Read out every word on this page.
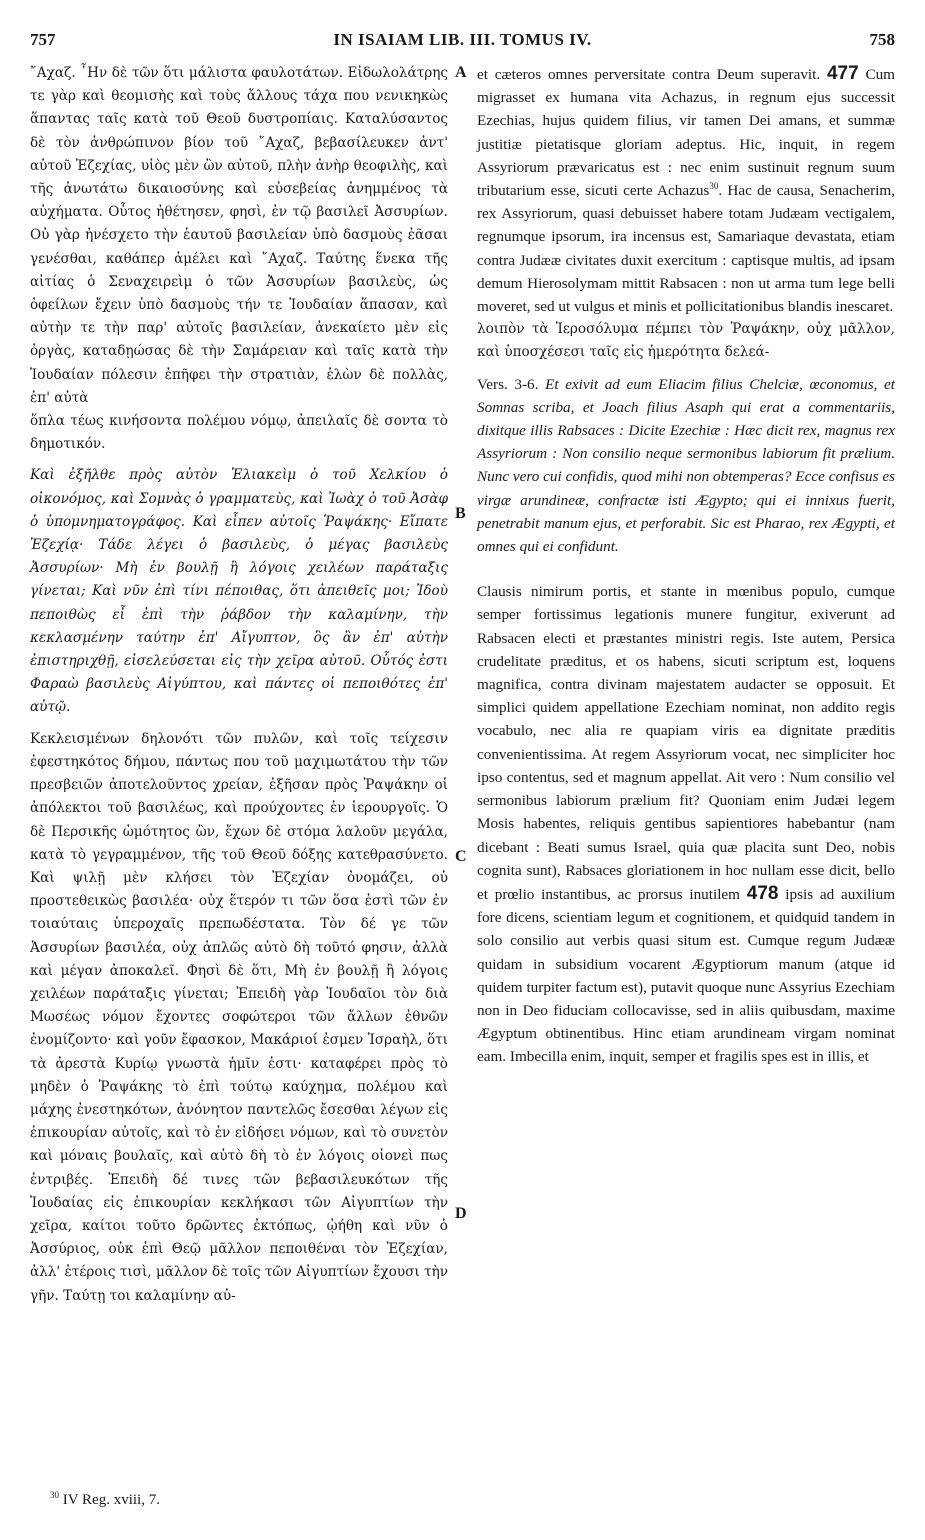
757	IN ISAIAM LIB. III. TOMUS IV.	758
A
B
C
D

῎Αχαζ. ῏Ην δὲ τῶν ὅτι μάλιστα φαυλοτάτων. Εἰδωλολάτρης τε γὰρ καὶ θεομισὴς καὶ τοὺς ἄλλους τάχα που νενικηκὼς ἅπαντας ταῖς κατὰ τοῦ Θεοῦ δυστροπίαις. Καταλύσαντος δὲ τὸν ἀνθρώπινον βίον τοῦ ῎Αχαζ, βεβασίλευκεν ἀντ' αὐτοῦ Ἐζεχίας, υἱὸς μὲν ὢν αὐτοῦ, πλὴν ἀνὴρ θεοφιλὴς, καὶ τῆς ἀνωτάτω δικαιοσύνης καὶ εὐσεβείας ἀνημμένος τὰ αὐχήματα. Οὗτος ἠθέτησεν, φησὶ, ἐν τῷ βασιλεῖ Ἀσσυρίων. Οὐ γὰρ ἠνέσχετο τὴν ἑαυτοῦ βασιλείαν ὑπὸ δασμοὺς ἐᾶσαι γενέσθαι, καθάπερ ἀμέλει καὶ ῎Αχαζ. Ταύτης ἕνεκα τῆς αἰτίας ὁ Σεναχειρεὶμ ὁ τῶν Ἀσσυρίων βασιλεὺς, ὡς ὀφείλων ἔχειν ὑπὸ δασμοὺς τήν τε Ἰουδαίαν ἅπασαν, καὶ αὐτὴν τε τὴν παρ' αὐτοῖς βασιλείαν, ἀνεκαίετο μὲν εἰς ὀργὰς, καταδῃώσας δὲ τὴν Σαμάρειαν καὶ ταῖς κατὰ τὴν Ἰουδαίαν πόλεσιν ἐπῆφει τὴν στρατιὰν, ἑλὼν δὲ πολλὰς, ἐπ' αὐτὰ

ὅπλα τέως κινήσοντα πολέμου νόμῳ, ἀπειλαῖς δὲ σοντα τὸ δημοτικόν.

Καὶ ἐξῆλθε πρὸς αὐτὸν Ἐλιακεὶμ ὁ τοῦ Χελκίου ὁ οἰκονόμος, καὶ Σομνὰς ὁ γραμματεὺς, καὶ Ἰωὰχ ὁ τοῦ Ἀσὰφ ὁ ὑπομνηματογράφος. Καὶ εἶπεν αὐτοῖς Ῥαψάκης· Εἴπατε Ἐζεχίᾳ· Τάδε λέγει ὁ βασιλεὺς, ὁ μέγας βασιλεὺς Ἀσσυρίων· Μὴ ἐν βουλῇ ἢ λόγοις χειλέων παράταξις γίνεται; Καὶ νῦν ἐπὶ τίνι πέποιθας, ὅτι ἀπειθεῖς μοι; Ἰδοὺ πεποιθὼς εἶ ἐπὶ τὴν ῥάβδον τὴν καλαμίνην, τὴν κεκλασμένην ταύτην ἐπ' Αἴγυπτον, ὃς ἂν ἐπ' αὐτὴν ἐπιστηριχθῇ, εἰσελεύσεται εἰς τὴν χεῖρα αὐτοῦ. Οὗτός ἐστι Φαραὼ βασιλεὺς Αἰγύπτου, καὶ πάντες οἱ πεποιθότες ἐπ' αὐτῷ.

Κεκλεισμένων δηλονότι τῶν πυλῶν, καὶ τοῖς τείχεσιν ἐφεστηκότος δήμου, πάντως που τοῦ μαχιμωτάτου τὴν τῶν πρεσβειῶν ἀποτελοῦντος χρείαν, ἐξῆσαν πρὸς Ῥαψάκην οἱ ἀπόλεκτοι τοῦ βασιλέως, καὶ προύχοντες ἐν ἱερουργοῖς. Ὁ δὲ Περσικῆς ὠμότητος ὢν, ἔχων δὲ στόμα λαλοῦν μεγάλα, κατὰ τὸ γεγραμμένον, τῆς τοῦ Θεοῦ δόξης κατεθρασύνετο. Καὶ ψιλῇ μὲν κλήσει τὸν Ἐζεχίαν ὀνομάζει, οὐ προστεθεικὼς βασιλέα· οὐχ ἕτερόν τι τῶν ὅσα ἐστὶ τῶν ἐν τοιαύταις ὑπεροχαῖς πρεπωδέστατα. Τὸν δέ γε τῶν Ἀσσυρίων βασιλέα, οὐχ ἁπλῶς αὐτὸ δὴ τοῦτό φησιν, ἀλλὰ καὶ μέγαν ἀποκαλεῖ. Φησὶ δὲ ὅτι, Μὴ ἐν βουλῇ ἢ λόγοις χειλέων παράταξις γίνεται; Ἐπειδὴ γὰρ Ἰουδαῖοι τὸν διὰ Μωσέως νόμον ἔχοντες σοφώτεροι τῶν ἄλλων ἐθνῶν ἐνομίζοντο· καὶ γοῦν ἔφασκον, Μακάριοί ἐσμεν Ἰσραὴλ, ὅτι τὰ ἀρεστὰ Κυρίῳ γνωστὰ ἡμῖν ἐστι· καταφέρει πρὸς τὸ μηδὲν ὁ Ῥαψάκης τὸ ἐπὶ τούτῳ καύχημα, πολέμου καὶ μάχης ἐνεστηκότων, ἀνόνητον παντελῶς ἔσεσθαι λέγων εἰς ἐπικουρίαν αὐτοῖς, καὶ τὸ ἐν εἰδήσει νόμων, καὶ τὸ συνετὸν καὶ μόναις βουλαῖς, καὶ αὐτὸ δὴ τὸ ἐν λόγοις οἱονεὶ πως ἐντριβές. Ἐπειδὴ δέ τινες τῶν βεβασιλευκότων τῆς Ἰουδαίας εἰς ἐπικουρίαν κεκλήκασι τῶν Αἰγυπτίων τὴν χεῖρα, καίτοι τοῦτο δρῶντες ἐκτόπως, ᾠήθη καὶ νῦν ὁ Ἀσσύριος, οὐκ ἐπὶ Θεῷ μᾶλλον πεποιθέναι τὸν Ἐζεχίαν, ἀλλ' ἑτέροις τισὶ, μᾶλλον δὲ τοῖς τῶν Αἰγυπτίων ἔχουσι τὴν γῆν. Ταύτῃ τοι καλαμίνην αὐ-

et cæteros omnes perversitate contra Deum superavit. 477 Cum migrasset ex humana vita Achazus, in regnum ejus successit Ezechias, hujus quidem filius, vir tamen Dei amans, et summæ justitiæ pietatisque gloriam adeptus. Hic, inquit, in regem Assyriorum prævaricatus est : nec enim sustinuit regnum suum tributarium esse, sicuti certe Achazus$^{30}$. Hac de causa, Senacherim, rex Assyriorum, quasi debuisset habere totam Judæam vectigalem, regnumque ipsorum, ira incensus est, Samariaque devastata, etiam contra Judææ civitates duxit exercitum : captisque multis, ad ipsam demum Hierosolymam mittit Rabsacen : non ut arma tum lege belli moveret, sed ut vulgus et minis et pollicitationibus blandis inescaret.

λοιπὸν τὰ Ἱεροσόλυμα πέμπει τὸν Ῥαψάκην, οὐχ μᾶλλον, καὶ ὑποσχέσεσι ταῖς εἰς ἡμερότητα δελεά-

Vers. 3-6. Et exivit ad eum Eliacim filius Chelciæ, œconomus, et Somnas scriba, et Joach filius Asaph qui erat a commentariis, dixitque illis Rabsaces : Dicite Ezechiæ : Hæc dicit rex, magnus rex Assyriorum : Non consilio neque sermonibus labiorum fit prælium. Nunc vero cui confidis, quod mihi non obtemperas? Ecce confisus es virgæ arundineæ, confractæ isti Ægypto; qui ei innixus fuerit, penetrabit manum ejus, et perforabit. Sic est Pharao, rex Ægypti, et omnes qui ei confidunt.

Clausis nimirum portis, et stante in mœnibus populo, cumque semper fortissimus legationis munere fungitur, exiverunt ad Rabsacen electi et præstantes ministri regis. Iste autem, Persica crudelitate præditus, et os habens, sicuti scriptum est, loquens magnifica, contra divinam majestatem audacter se opposuit. Et simplici quidem appellatione Ezechiam nominat, non addito regis vocabulo, nec alia re quapiam viris ea dignitate præditis convenientissima. At regem Assyriorum vocat, nec simpliciter hoc ipso contentus, sed et magnum appellat. Ait vero : Num consilio vel sermonibus labiorum prælium fit? Quoniam enim Judæi legem Mosis habentes, reliquis gentibus sapientiores habebantur (nam dicebant : Beati sumus Israel, quia quæ placita sunt Deo, nobis cognita sunt), Rabsaces gloriationem in hoc nullam esse dicit, bello et prœlio instantibus, ac prorsus inutilem 478 ipsis ad auxilium fore dicens, scientiam legum et cognitionem, et quidquid tandem in solo consilio aut verbis quasi situm est. Cumque regum Judææ quidam in subsidium vocarent Ægyptiorum manum (atque id quidem turpiter factum est), putavit quoque nunc Assyrius Ezechiam non in Deo fiduciam collocavisse, sed in aliis quibusdam, maxime Ægyptum obtinentibus. Hinc etiam arundineam virgam nominat eam. Imbecilla enim, inquit, semper et fragilis spes est in illis, et

$^{30}$ IV Reg. xviii, 7.
